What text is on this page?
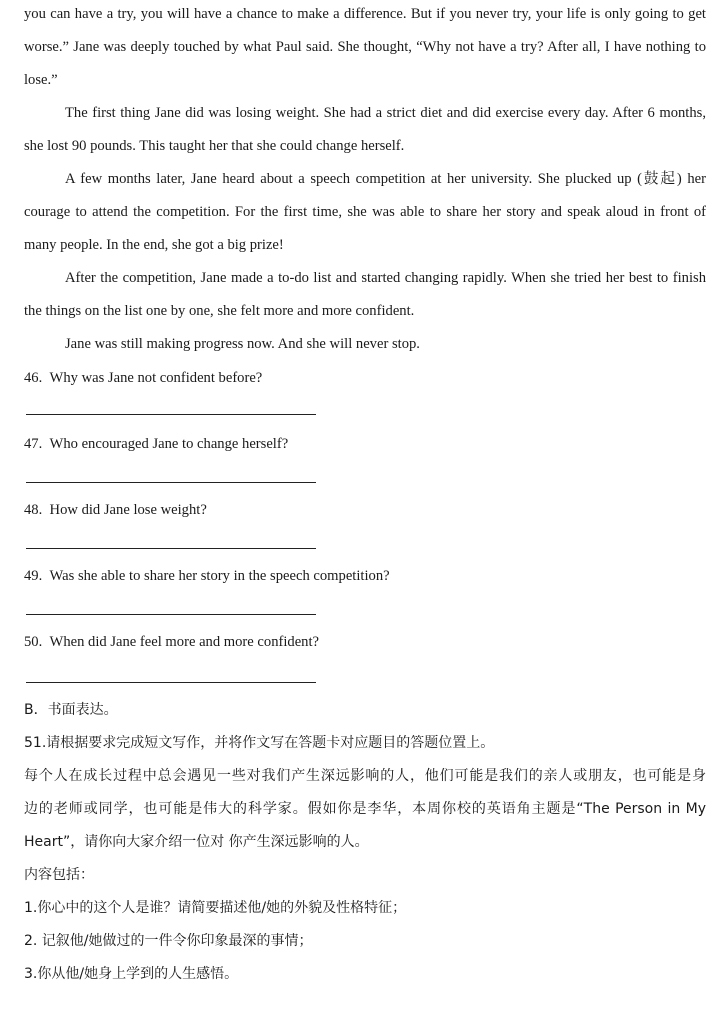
you can have a try, you will have a chance to make a difference. But if you never try, your life is only going to get
worse.” Jane was deeply touched by what Paul said. She thought, “Why not have a try? After all, I have nothing to
lose.”
The first thing Jane did was losing weight. She had a strict diet and did exercise every day. After 6 months,
she lost 90 pounds. This taught her that she could change herself.
A few months later, Jane heard about a speech competition at her university. She plucked up (鼓起) her
courage to attend the competition. For the first time, she was able to share her story and speak aloud in front of
many people. In the end, she got a big prize!
After the competition, Jane made a to-do list and started changing rapidly. When she tried her best to finish
the things on the list one by one, she felt more and more confident.
Jane was still making progress now. And she will never stop.
46. Why was Jane not confident before?
47. Who encouraged Jane to change herself?
48. How did Jane lose weight?
49. Was she able to share her story in the speech competition?
50. When did Jane feel more and more confident?
B．书面表达。
51.请根据要求完成短文写作，并将作文写在答题卡对应题目的答题位置上。
每个人在成长过程中总会遇见一些对我们产生深远影响的人，他们可能是我们的亲人或朋友，也可能是身
边的老师或同学，也可能是伟大的科学家。假如你是李华，本周你校的英语角主题是“The Person in My
Heart”，请你向大家介绍一位对 你产生深远影响的人。
内容包括：
1.你心中的这个人是谁？请简要描述他/她的外貌及性格特征；
2. 记叙他/她做过的一件令你印象最深的事情；
3.你从他/她身上学到的人生感悟。
